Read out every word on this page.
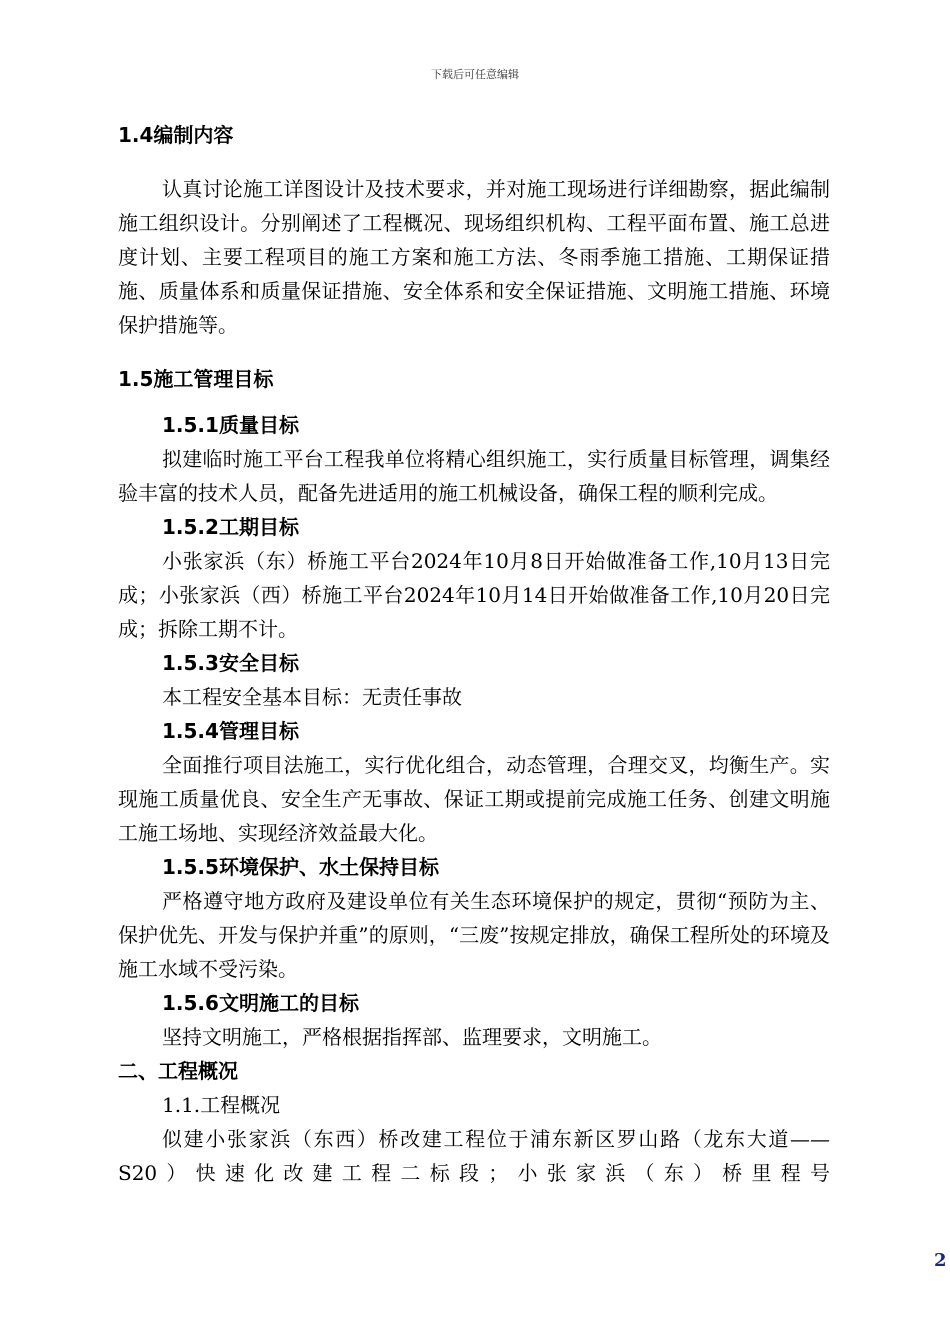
下载后可任意编辑

1.4编制内容

认真讨论施工详图设计及技术要求，并对施工现场进行详细勘察，据此编制施工组织设计。分别阐述了工程概况、现场组织机构、工程平面布置、施工总进度计划、主要工程项目的施工方案和施工方法、冬雨季施工措施、工期保证措施、质量体系和质量保证措施、安全体系和安全保证措施、文明施工措施、环境保护措施等。

1.5施工管理目标

1.5.1质量目标

拟建临时施工平台工程我单位将精心组织施工，实行质量目标管理，调集经验丰富的技术人员，配备先进适用的施工机械设备，确保工程的顺利完成。

1.5.2工期目标

小张家浜（东）桥施工平台2024年10月8日开始做准备工作,10月13日完成；小张家浜（西）桥施工平台2024年10月14日开始做准备工作,10月20日完成；拆除工期不计。

1.5.3安全目标

本工程安全基本目标：无责任事故

1.5.4管理目标

全面推行项目法施工，实行优化组合，动态管理，合理交叉，均衡生产。实现施工质量优良、安全生产无事故、保证工期或提前完成施工任务、创建文明施工施工场地、实现经济效益最大化。

1.5.5环境保护、水土保持目标

严格遵守地方政府及建设单位有关生态环境保护的规定，贯彻“预防为主、保护优先、开发与保护并重”的原则，“三废”按规定排放，确保工程所处的环境及施工水域不受污染。

1.5.6文明施工的目标

坚持文明施工，严格根据指挥部、监理要求，文明施工。

二、工程概况

1.1.工程概况

似建小张家浜（东西）桥改建工程位于浦东新区罗山路（龙东大道——S20）快速化改建工程二标段；小张家浜（东）桥里程号

2
